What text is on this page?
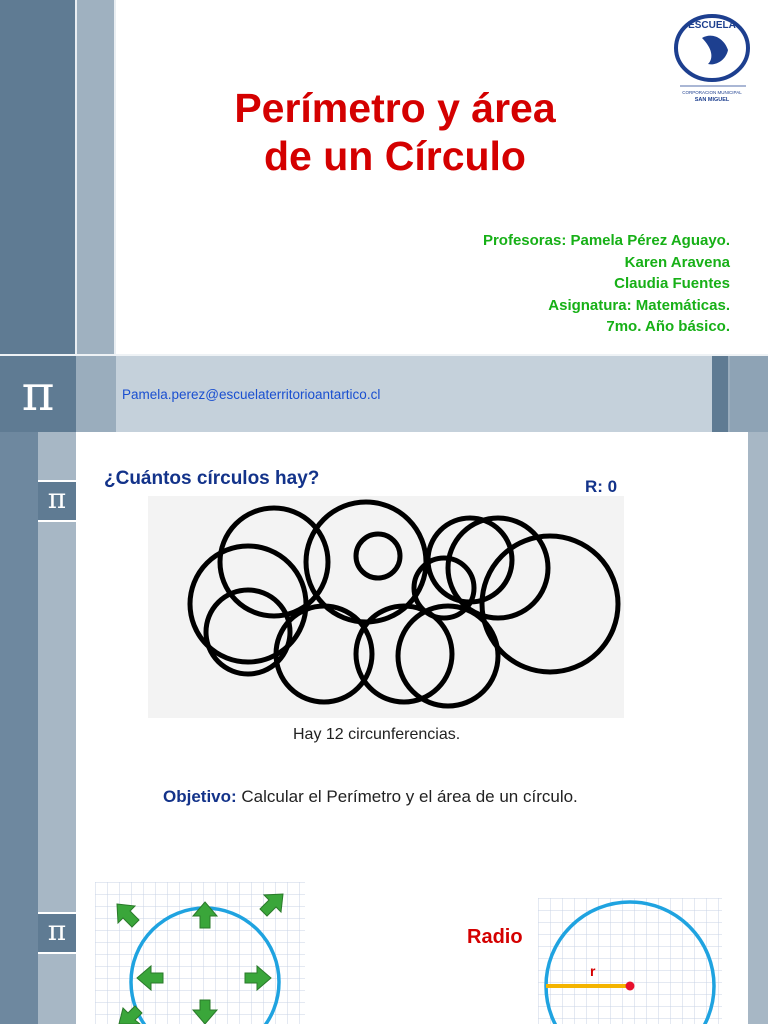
Perímetro y área
de un Círculo
Profesoras: Pamela Pérez Aguayo.
Karen Aravena
Claudia Fuentes
Asignatura: Matemáticas.
7mo. Año básico.
ESCUELA
CORPORACION MUNICIPAL
SAN MIGUEL
π	Pamela.perez@escuelaterritorioantartico.cl
π
¿Cuántos círculos hay?	R: 0
Hay 12 circunferencias.
Objetivo: Calcular el Perímetro y el área de un círculo.
π	Radio
r
